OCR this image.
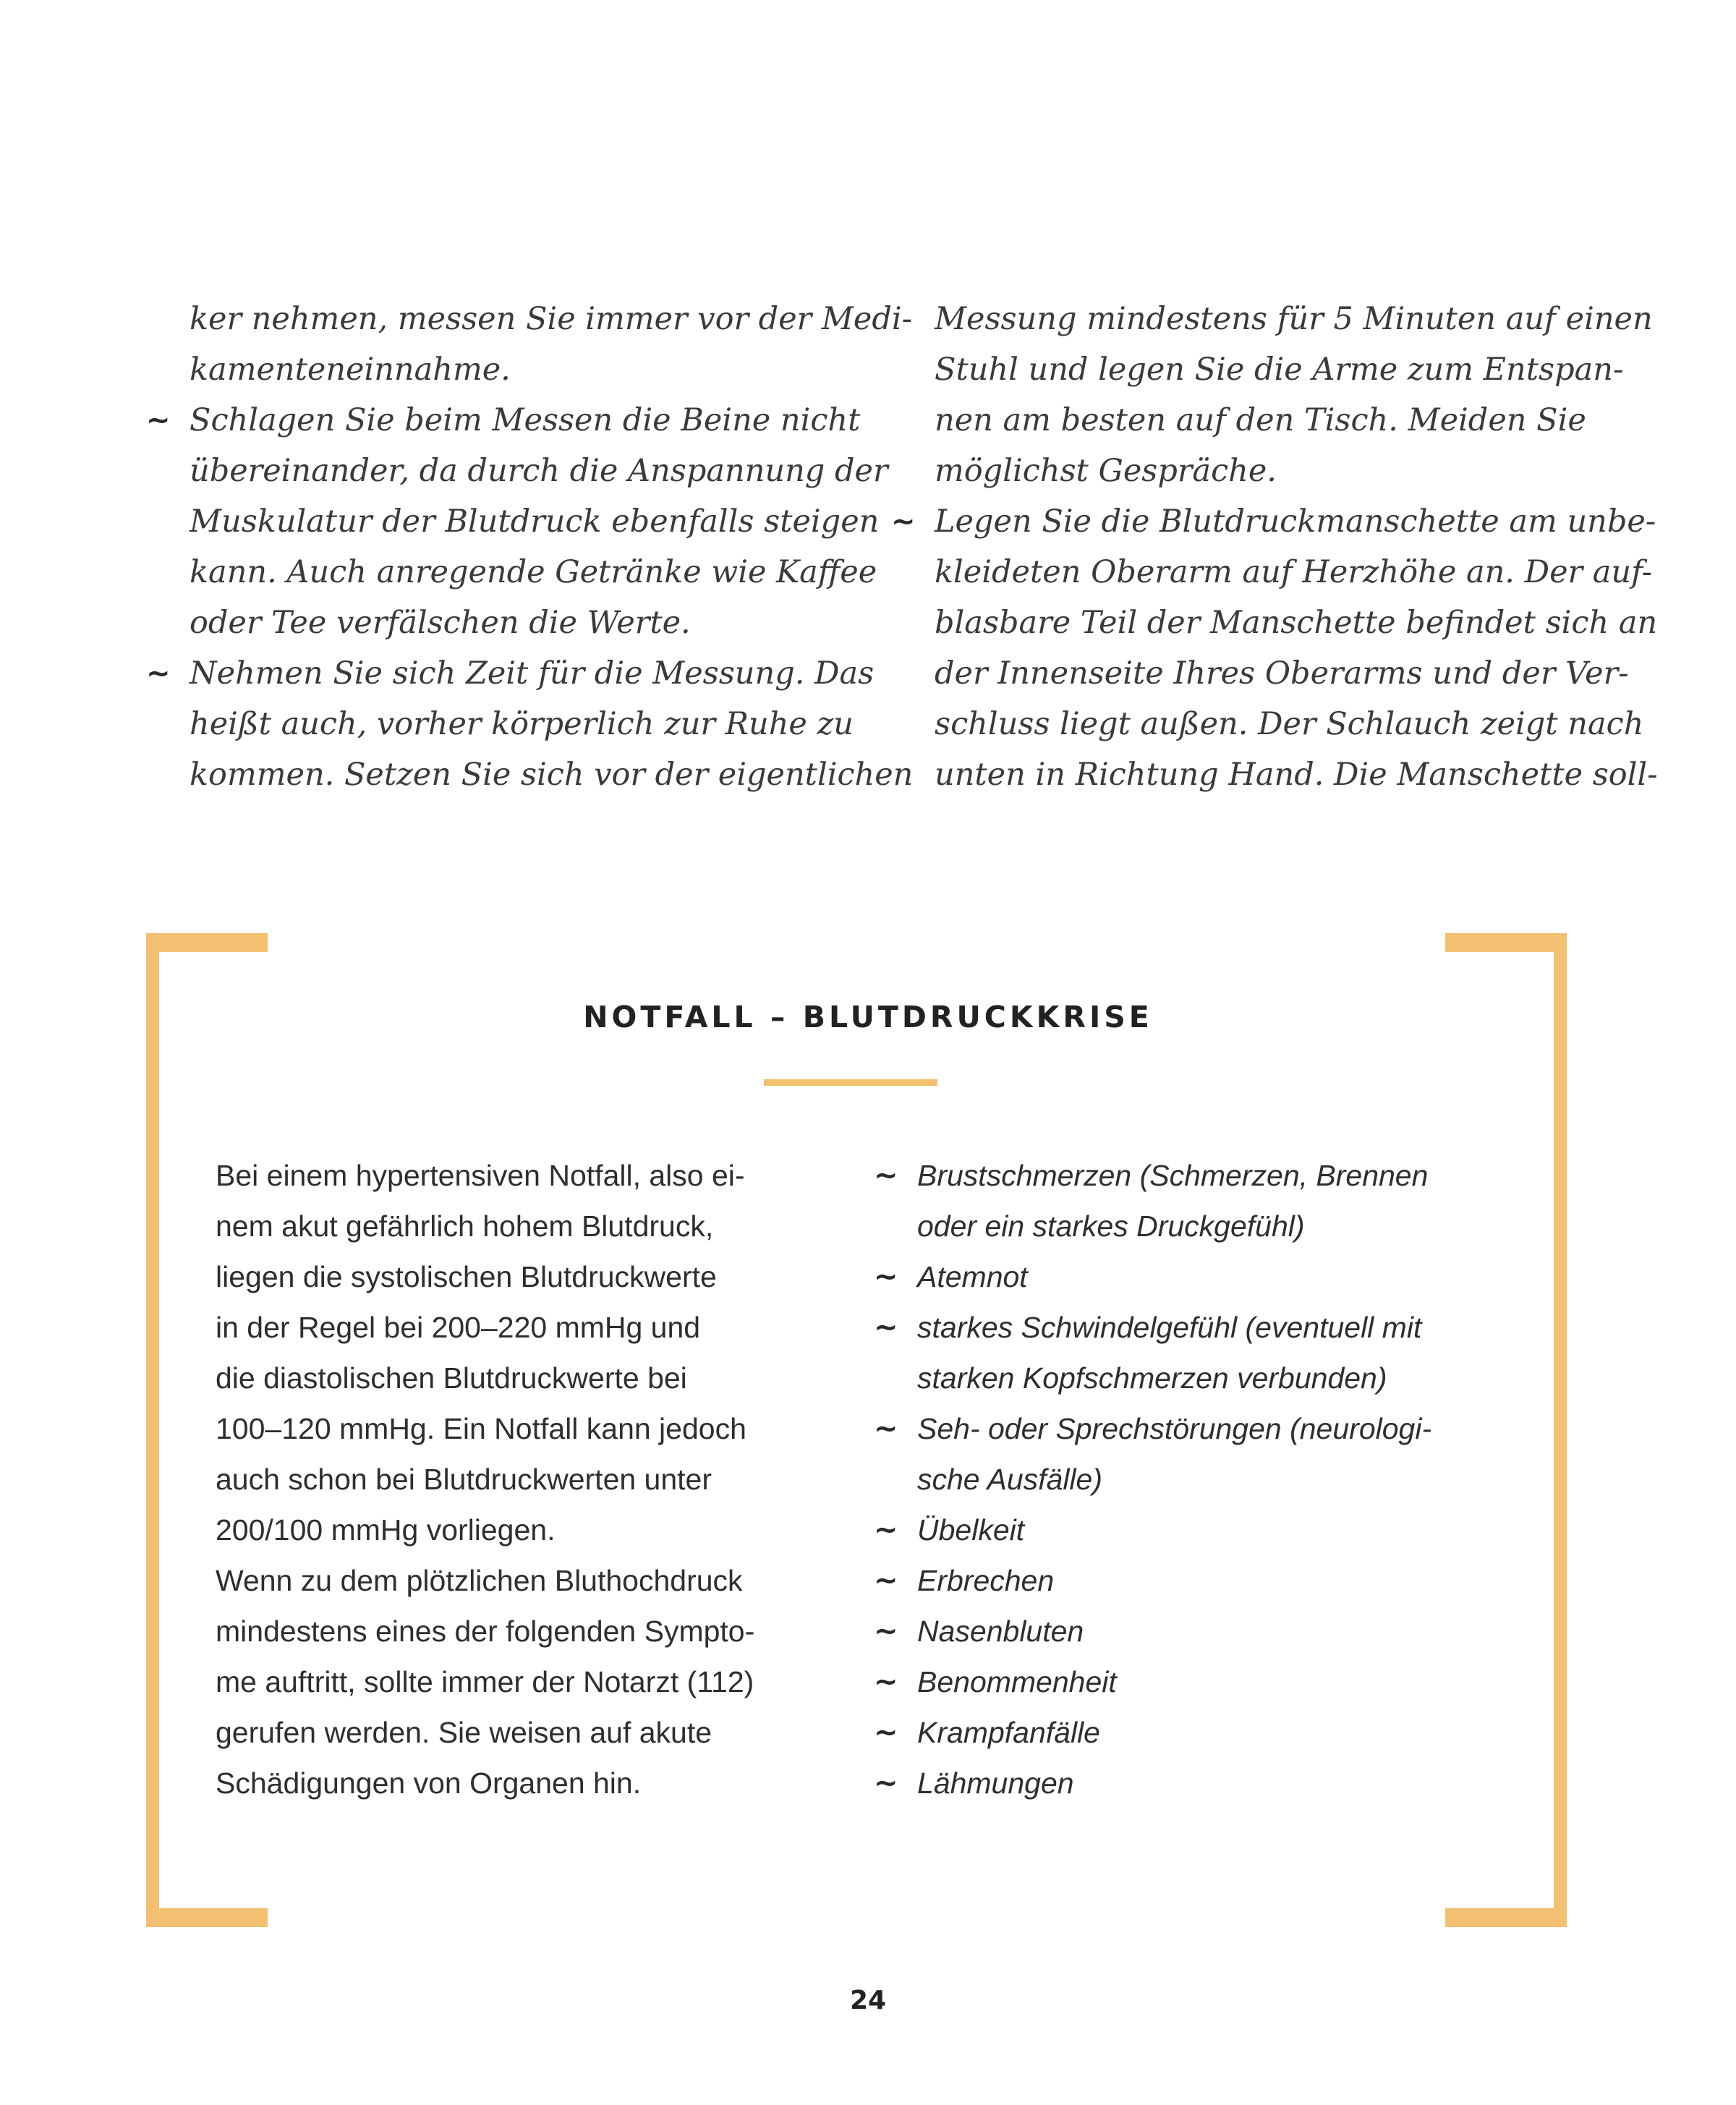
ker nehmen, messen Sie immer vor der Medi-
kamenteneinnahme.
~ Schlagen Sie beim Messen die Beine nicht
übereinander, da durch die Anspannung der
Muskulatur der Blutdruck ebenfalls steigen
kann. Auch anregende Getränke wie Kaffee
oder Tee verfälschen die Werte.
~ Nehmen Sie sich Zeit für die Messung. Das
heißt auch, vorher körperlich zur Ruhe zu
kommen. Setzen Sie sich vor der eigentlichen
Messung mindestens für 5 Minuten auf einen
Stuhl und legen Sie die Arme zum Entspan-
nen am besten auf den Tisch. Meiden Sie
möglichst Gespräche.
~ Legen Sie die Blutdruckmanschette am unbe-
kleideten Oberarm auf Herzhöhe an. Der auf-
blasbare Teil der Manschette befindet sich an
der Innenseite Ihres Oberarms und der Ver-
schluss liegt außen. Der Schlauch zeigt nach
unten in Richtung Hand. Die Manschette soll-
NOTFALL – BLUTDRUCKKRISE
Bei einem hypertensiven Notfall, also ei-
nem akut gefährlich hohem Blutdruck,
liegen die systolischen Blutdruckwerte
in der Regel bei 200–220 mmHg und
die diastolischen Blutdruckwerte bei
100–120 mmHg. Ein Notfall kann jedoch
auch schon bei Blutdruckwerten unter
200/100 mmHg vorliegen.
Wenn zu dem plötzlichen Bluthochdruck
mindestens eines der folgenden Sympto-
me auftritt, sollte immer der Notarzt (112)
gerufen werden. Sie weisen auf akute
Schädigungen von Organen hin.
~ Brustschmerzen (Schmerzen, Brennen
oder ein starkes Druckgefühl)
~ Atemnot
~ starkes Schwindelgefühl (eventuell mit
starken Kopfschmerzen verbunden)
~ Seh- oder Sprechstörungen (neurologi-
sche Ausfälle)
~ Übelkeit
~ Erbrechen
~ Nasenbluten
~ Benommenheit
~ Krampfanfälle
~ Lähmungen
24
